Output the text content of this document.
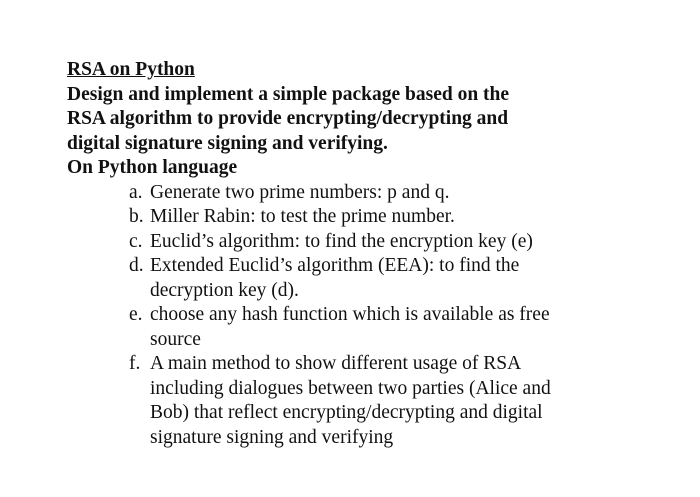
RSA on Python

Design and implement a simple package based on the

RSA algorithm to provide encrypting/decrypting and

digital signature signing and verifying.

On Python language

a. Generate two prime numbers: p and q.
b. Miller Rabin: to test the prime number.
c. Euclid’s algorithm: to find the encryption key (e)
d. Extended Euclid’s algorithm (EEA): to find the
decryption key (d).
e. choose any hash function which is available as free
source
f. A main method to show different usage of RSA
including dialogues between two parties (Alice and
Bob) that reflect encrypting/decrypting and digital
signature signing and verifying
